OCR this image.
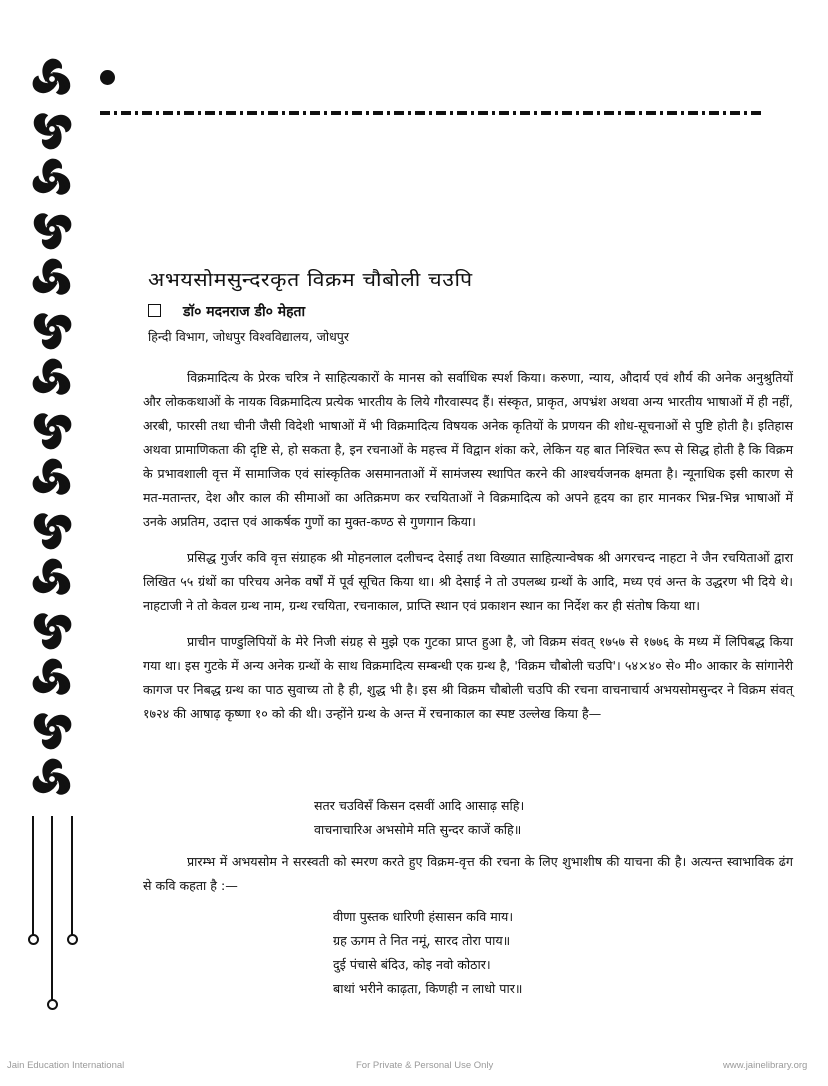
अभयसोमसुन्दरकृत विक्रम चौबोली चउपि
डॉ० मदनराज डी० मेहता
हिन्दी विभाग, जोधपुर विश्वविद्यालय, जोधपुर

विक्रमादित्य के प्रेरक चरित्र ने साहित्यकारों के मानस को सर्वाधिक स्पर्श किया। करुणा, न्याय, औदार्य एवं शौर्य की अनेक अनुश्रुतियों और लोककथाओं के नायक विक्रमादित्य प्रत्येक भारतीय के लिये गौरवास्पद हैं। संस्कृत, प्राकृत, अपभ्रंश अथवा अन्य भारतीय भाषाओं में ही नहीं, अरबी, फारसी तथा चीनी जैसी विदेशी भाषाओं में भी विक्रमादित्य विषयक अनेक कृतियों के प्रणयन की शोध-सूचनाओं से पुष्टि होती है। इतिहास अथवा प्रामाणिकता की दृष्टि से, हो सकता है, इन रचनाओं के महत्त्व में विद्वान शंका करे, लेकिन यह बात निश्चित रूप से सिद्ध होती है कि विक्रम के प्रभावशाली वृत्त में सामाजिक एवं सांस्कृतिक असमानताओं में सामंजस्य स्थापित करने की आश्चर्यजनक क्षमता है। न्यूनाधिक इसी कारण से मत-मतान्तर, देश और काल की सीमाओं का अतिक्रमण कर रचयिताओं ने विक्रमादित्य को अपने हृदय का हार मानकर भिन्न-भिन्न भाषाओं में उनके अप्रतिम, उदात्त एवं आकर्षक गुणों का मुक्त-कण्ठ से गुणगान किया।

प्रसिद्ध गुर्जर कवि वृत्त संग्राहक श्री मोहनलाल दलीचन्द देसाई तथा विख्यात साहित्यान्वेषक श्री अगरचन्द नाहटा ने जैन रचयिताओं द्वारा लिखित ५५ ग्रंथों का परिचय अनेक वर्षों में पूर्व सूचित किया था। श्री देसाई ने तो उपलब्ध ग्रन्थों के आदि, मध्य एवं अन्त के उद्धरण भी दिये थे। नाहटाजी ने तो केवल ग्रन्थ नाम, ग्रन्थ रचयिता, रचनाकाल, प्राप्ति स्थान एवं प्रकाशन स्थान का निर्देश कर ही संतोष किया था।

प्राचीन पाण्डुलिपियों के मेरे निजी संग्रह से मुझे एक गुटका प्राप्त हुआ है, जो विक्रम संवत् १७५७ से १७७६ के मध्य में लिपिबद्ध किया गया था। इस गुटके में अन्य अनेक ग्रन्थों के साथ विक्रमादित्य सम्बन्धी एक ग्रन्थ है, 'विक्रम चौबोली चउपि'। ५४×४० से० मी० आकार के सांगानेरी कागज पर निबद्ध ग्रन्थ का पाठ सुवाच्य तो है ही, शुद्ध भी है। इस श्री विक्रम चौबोली चउपि की रचना वाचनाचार्य अभयसोमसुन्दर ने विक्रम संवत् १७२४ की आषाढ़ कृष्णा १० को की थी। उन्होंने ग्रन्थ के अन्त में रचनाकाल का स्पष्ट उल्लेख किया है—

सतर चउविसँ किसन दसवीं आदि आसाढ़ सहि।
वाचनाचारिअ अभसोमे मति सुन्दर काजें कहि॥

प्रारम्भ में अभयसोम ने सरस्वती को स्मरण करते हुए विक्रम-वृत्त की रचना के लिए शुभाशीष की याचना की है। अत्यन्त स्वाभाविक ढंग से कवि कहता है :—

वीणा पुस्तक धारिणी हंसासन कवि माय।
ग्रह ऊगम ते नित नमूं, सारद तोरा पाय॥
दुई पंचासे बंदिउ, कोइ नवो कोठार।
बाथां भरीने काढ़ता, किणही न लाधो पार॥
Jain Education International	For Private & Personal Use Only	www.jainelibrary.org
